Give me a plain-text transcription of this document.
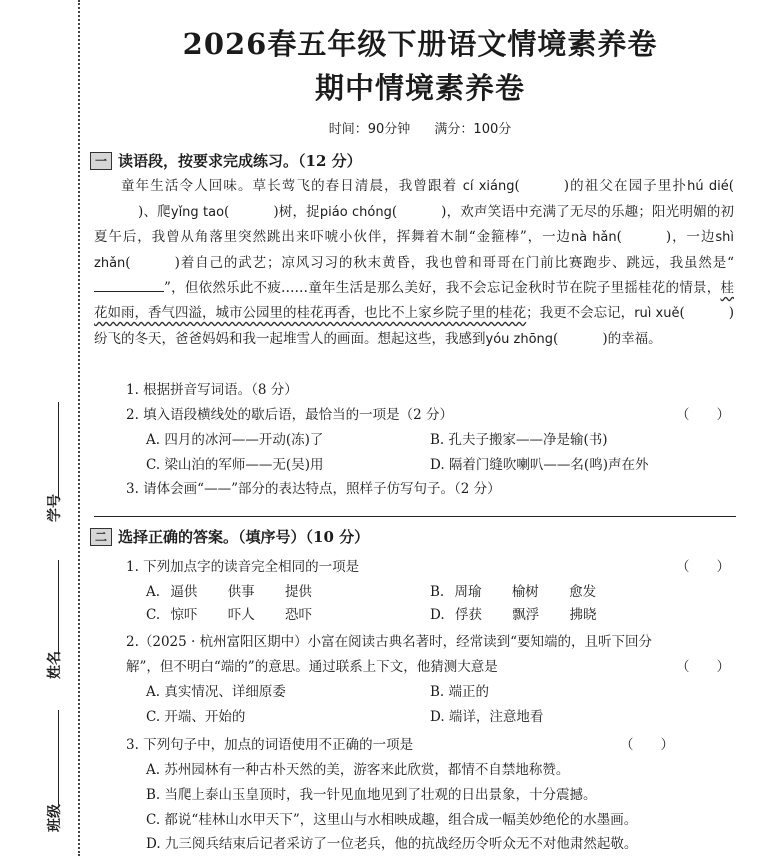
学号
姓名
班级
2026春五年级下册语文情境素养卷
期中情境素养卷
时间：90分钟 满分：100分
一 读语段，按要求完成练习。（12 分）

童年生活令人回味。草长莺飞的春日清晨，我曾跟着 cí xiáng(	)的祖父在园子里扑hú dié()、爬yǐng tao(	)树，捉piáo chóng(	)，欢声笑语中充满了无尽的乐趣；阳光明媚的初夏午后，我曾从角落里突然跳出来吓唬小伙伴，挥舞着木制“金箍棒”，一边nà hǎn(	)，一边shì zhǎn(	)着自己的武艺；凉风习习的秋末黄昏，我也曾和哥哥在门前比赛跑步、跳远，我虽然是“”，但依然乐此不疲……童年生活是那么美好，我不会忘记金秋时节在院子里摇桂花的情景，桂花如雨，香气四溢，城市公园里的桂花再香，也比不上家乡院子里的桂花；我更不会忘记，ruì xuě(	)纷飞的冬天，爸爸妈妈和我一起堆雪人的画面。想起这些，我感到yóu zhōng(	)的幸福。

1. 根据拼音写词语。（8 分）
2. 填入语段横线处的歇后语，最恰当的一项是（2 分）	（　　）
A. 四月的冰河——开动(冻)了	B. 孔夫子搬家——净是输(书)
C. 梁山泊的军师——无(吴)用	D. 隔着门缝吹喇叭——名(鸣)声在外
3. 请体会画“——”部分的表达特点，照样子仿写句子。（2 分）
二 选择正确的答案。（填序号）（10 分）
1. 下列加点字的读音完全相同的一项是	（　　）
A. 逼供 供事 提供	B. 周瑜 榆树 愈发
C. 惊吓 吓人 恐吓	D. 俘获 飘浮 拂晓
2.（2025 · 杭州富阳区期中）小富在阅读古典名著时，经常读到“要知端的，且听下回分
解”，但不明白“端的”的意思。通过联系上下文，他猜测大意是	（　　）
A. 真实情况、详细原委	B. 端正的
C. 开端、开始的	D. 端详，注意地看
3. 下列句子中，加点的词语使用不正确的一项是	（　　）
A. 苏州园林有一种古朴天然的美，游客来此欣赏，都情不自禁地称赞。
B. 当爬上泰山玉皇顶时，我一针见血地见到了壮观的日出景象，十分震撼。
C. 都说“桂林山水甲天下”，这里山与水相映成趣，组合成一幅美妙绝伦的水墨画。
D. 九三阅兵结束后记者采访了一位老兵，他的抗战经历令听众无不对他肃然起敬。
